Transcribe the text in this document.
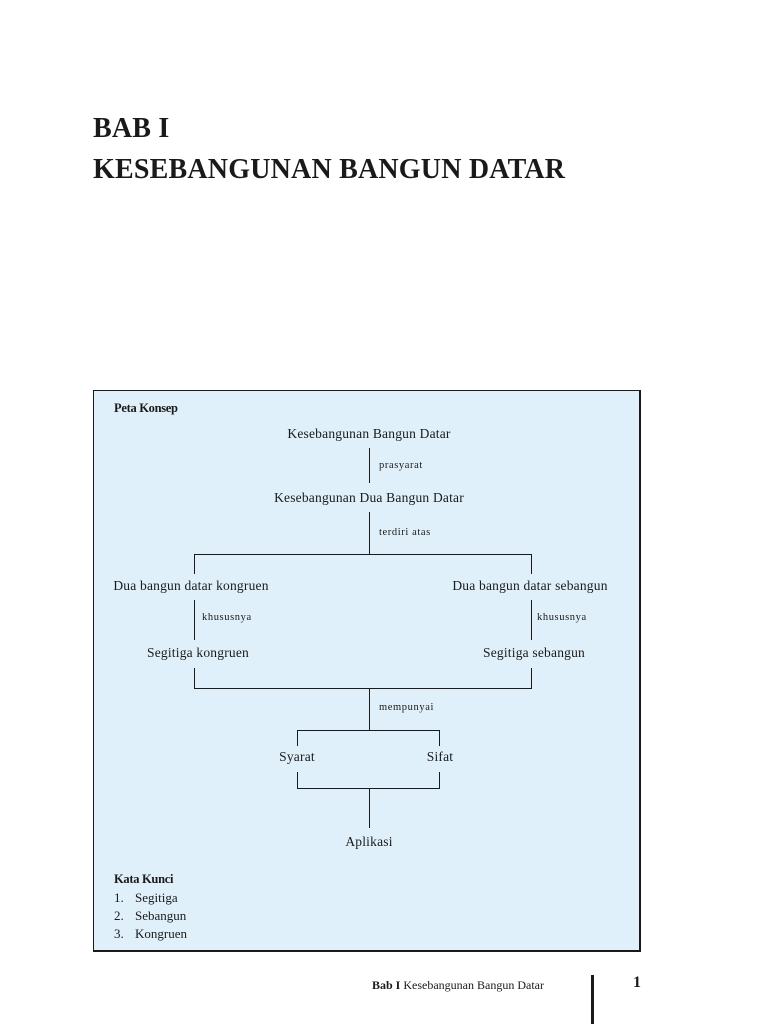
BAB I
KESEBANGUNAN BANGUN DATAR
Peta Konsep
Kesebangunan Bangun Datar
Kesebangunan Dua Bangun Datar
Dua bangun datar kongruen	Dua bangun datar sebangun
Segitiga kongruen	Segitiga sebangun
Syarat	Sifat
Aplikasi
prasyarat
terdiri atas
khususnya	khususnya
mempunyai
Kata Kunci
1. Segitiga
2. Sebangun
3. Kongruen
Bab I Kesebangunan Bangun Datar	1
